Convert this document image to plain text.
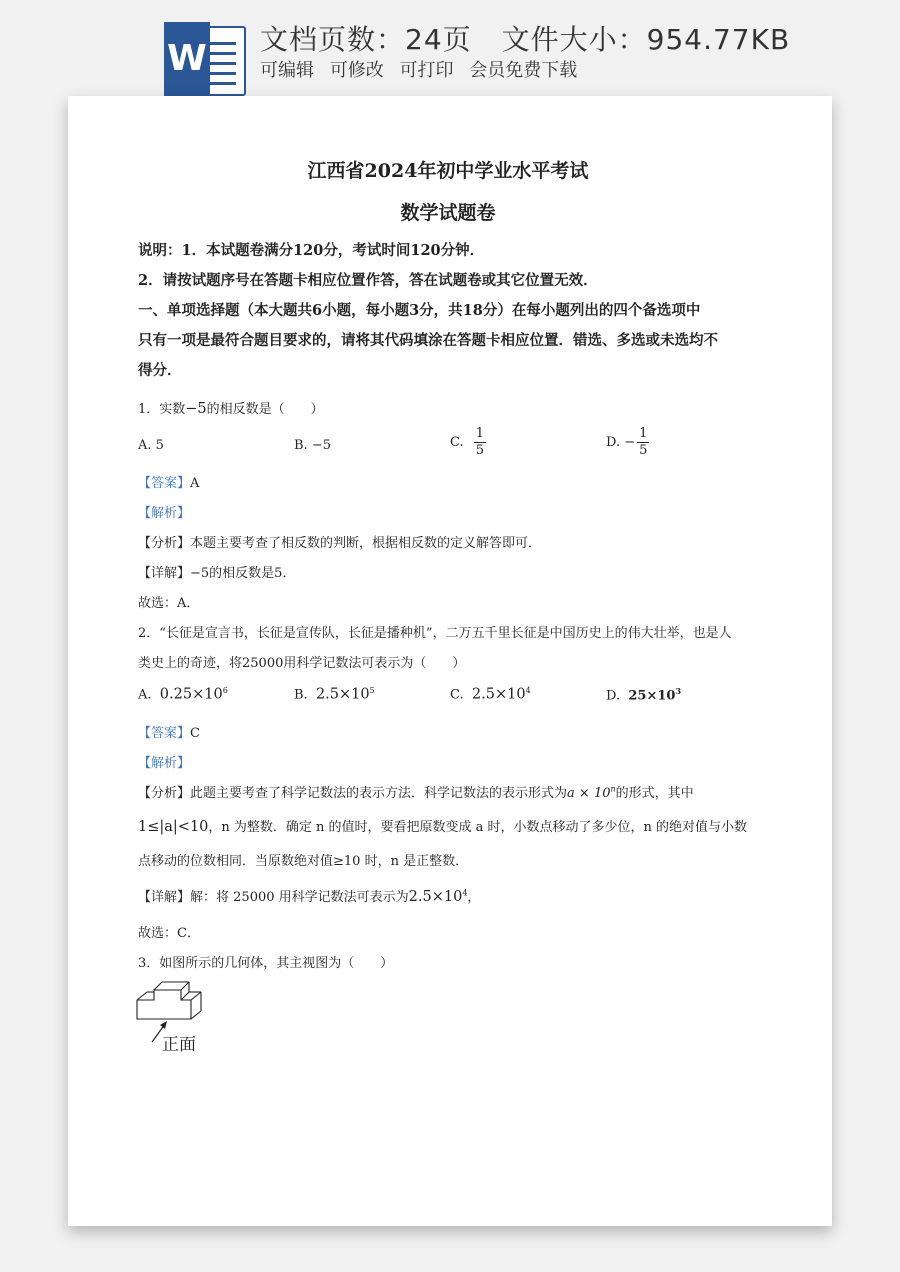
W 文档页数：24页 文件大小：954.77KB
可编辑 可修改 可打印 会员免费下载
江西省2024年初中学业水平考试
数学试题卷
说明：1．本试题卷满分120分，考试时间120分钟．
2．请按试题序号在答题卡相应位置作答，答在试题卷或其它位置无效．
一、单项选择题（本大题共6小题，每小题3分，共18分）在每小题列出的四个备选项中
只有一项是最符合题目要求的，请将其代码填涂在答题卡相应位置．错选、多选或未选均不
得分．
1．实数−5的相反数是（　　）
A. 5	B. −5	C. $\frac{1}{5}$	D. − $\frac{1}{5}$
【答案】A
【解析】
【分析】本题主要考查了相反数的判断，根据相反数的定义解答即可．
【详解】−5的相反数是5．
故选：A．
2．“长征是宣言书，长征是宣传队，长征是播种机”，二万五千里长征是中国历史上的伟大壮举，也是人
类史上的奇迹，将25000用科学记数法可表示为（　　）
A. $0.25\times 10^6$	B. $2.5\times 10^5$	C. $2.5\times 10^4$	D. $25\times 10^3$
【答案】C
【解析】
【分析】此题主要考查了科学记数法的表示方法．科学记数法的表示形式为$a \times 10^n$的形式，其中
1≤|a|<10，n 为整数．确定 n 的值时，要看把原数变成 a 时，小数点移动了多少位，n 的绝对值与小数
点移动的位数相同．当原数绝对值≥10 时，n 是正整数．
【详解】解：将 25000 用科学记数法可表示为$2.5\times 10^4$，
故选：C．
3．如图所示的几何体，其主视图为（　　）
正面
